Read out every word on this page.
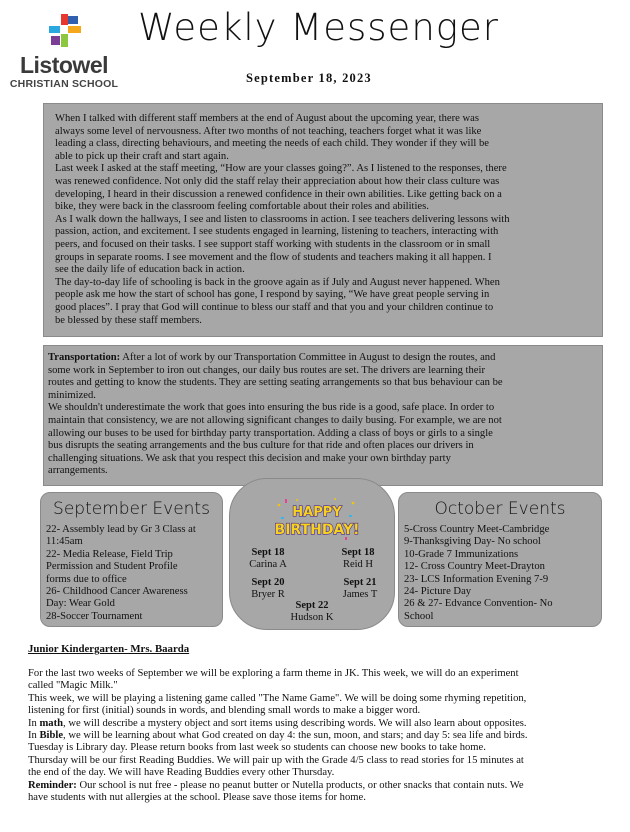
Listowel
CHRISTIAN SCHOOL
Weekly Messenger
September 18, 2023

When I talked with different staff members at the end of August about the upcoming year, there was

always some level of nervousness. After two months of not teaching, teachers forget what it was like

leading a class, directing behaviours, and meeting the needs of each child. They wonder if they will be

able to pick up their craft and start again.

Last week I asked at the staff meeting, “How are your classes going?”. As I listened to the responses, there

was renewed confidence. Not only did the staff relay their appreciation about how their class culture was

developing, I heard in their discussion a renewed confidence in their own abilities. Like getting back on a

bike, they were back in the classroom feeling comfortable about their roles and abilities.

As I walk down the hallways, I see and listen to classrooms in action. I see teachers delivering lessons with

passion, action, and excitement. I see students engaged in learning, listening to teachers, interacting with

peers, and focused on their tasks. I see support staff working with students in the classroom or in small

groups in separate rooms. I see movement and the flow of students and teachers making it all happen. I

see the daily life of education back in action.

The day-to-day life of schooling is back in the groove again as if July and August never happened. When

people ask me how the start of school has gone, I respond by saying, “We have great people serving in

good places”. I pray that God will continue to bless our staff and that you and your children continue to

be blessed by these staff members.

Transportation: After a lot of work by our Transportation Committee in August to design the routes, and

some work in September to iron out changes, our daily bus routes are set. The drivers are learning their

routes and getting to know the students. They are setting seating arrangements so that bus behaviour can be

minimized.

We shouldn't underestimate the work that goes into ensuring the bus ride is a good, safe place. In order to

maintain that consistency, we are not allowing significant changes to daily busing. For example, we are not

allowing our buses to be used for birthday party transportation. Adding a class of boys or girls to a single

bus disrupts the seating arrangements and the bus culture for that ride and often places our drivers in

challenging situations. We ask that you respect this decision and make your own birthday party

arrangements.

September Events
22- Assembly lead by Gr 3 Class at
11:45am
22- Media Release, Field Trip
Permission and Student Profile
forms due to office
26- Childhood Cancer Awareness
Day: Wear Gold
28-Soccer Tournament
HAPPY
BIRTHDAY!
Sept 18
Carina A
Sept 18
Reid H
Sept 20
Bryer R
Sept 21
James T
Sept 22
Hudson K
October Events
5-Cross Country Meet-Cambridge
9-Thanksgiving Day- No school
10-Grade 7 Immunizations
12- Cross Country Meet-Drayton
23- LCS Information Evening 7-9
24- Picture Day
26 & 27- Edvance Convention- No
School
Junior Kindergarten- Mrs. Baarda

For the last two weeks of September we will be exploring a farm theme in JK. This week, we will do an experiment

called "Magic Milk."

This week, we will be playing a listening game called "The Name Game". We will be doing some rhyming repetition,

listening for first (initial) sounds in words, and blending small words to make a bigger word.

In math, we will describe a mystery object and sort items using describing words. We will also learn about opposites.

In Bible, we will be learning about what God created on day 4: the sun, moon, and stars; and day 5: sea life and birds.

Tuesday is Library day. Please return books from last week so students can choose new books to take home.

Thursday will be our first Reading Buddies. We will pair up with the Grade 4/5 class to read stories for 15 minutes at

the end of the day. We will have Reading Buddies every other Thursday.

Reminder: Our school is nut free - please no peanut butter or Nutella products, or other snacks that contain nuts. We

have students with nut allergies at the school. Please save those items for home.
